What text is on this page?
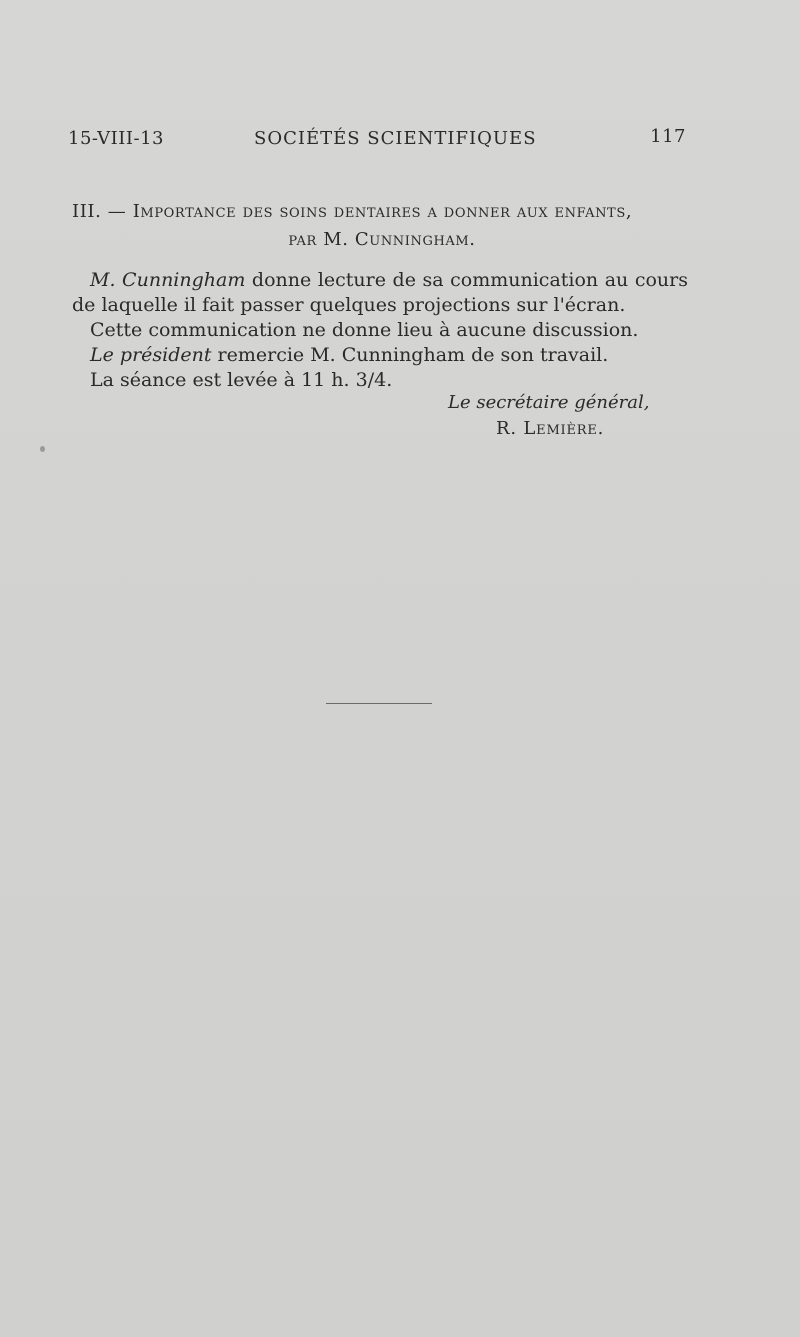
15-VIII-13	SOCIÉTÉS SCIENTIFIQUES	117
III. — Importance des soins dentaires a donner aux enfants,
par M. Cunningham.

M. Cunningham donne lecture de sa communication au cours de laquelle il fait passer quelques projections sur l'écran.

Cette communication ne donne lieu à aucune discussion.

Le président remercie M. Cunningham de son travail.

La séance est levée à 11 h. 3/4.

Le secrétaire général,
R. Lemière.
